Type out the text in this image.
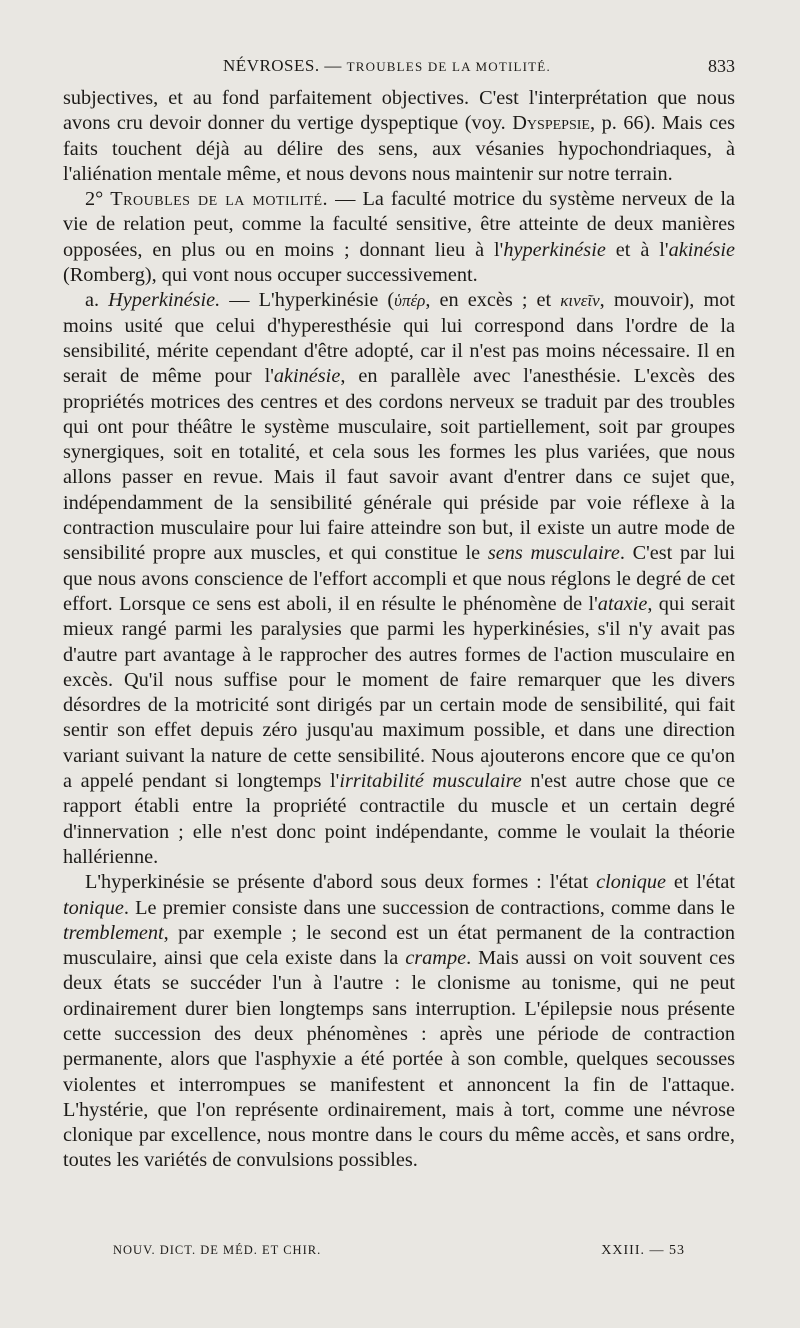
NÉVROSES. — TROUBLES DE LA MOTILITÉ.	833

subjectives, et au fond parfaitement objectives. C'est l'interprétation que nous avons cru devoir donner du vertige dyspeptique (voy. Dyspepsie, p. 66). Mais ces faits touchent déjà au délire des sens, aux vésanies hypochondriaques, à l'aliénation mentale même, et nous devons nous maintenir sur notre terrain.

2° Troubles de la motilité. — La faculté motrice du système nerveux de la vie de relation peut, comme la faculté sensitive, être atteinte de deux manières opposées, en plus ou en moins ; donnant lieu à l'hyperkinésie et à l'akinésie (Romberg), qui vont nous occuper successivement.

a. Hyperkinésie. — L'hyperkinésie (ὑπέρ, en excès ; et κινεῖν, mouvoir), mot moins usité que celui d'hyperesthésie qui lui correspond dans l'ordre de la sensibilité, mérite cependant d'être adopté, car il n'est pas moins nécessaire. Il en serait de même pour l'akinésie, en parallèle avec l'anesthésie. L'excès des propriétés motrices des centres et des cordons nerveux se traduit par des troubles qui ont pour théâtre le système musculaire, soit partiellement, soit par groupes synergiques, soit en totalité, et cela sous les formes les plus variées, que nous allons passer en revue. Mais il faut savoir avant d'entrer dans ce sujet que, indépendamment de la sensibilité générale qui préside par voie réflexe à la contraction musculaire pour lui faire atteindre son but, il existe un autre mode de sensibilité propre aux muscles, et qui constitue le sens musculaire. C'est par lui que nous avons conscience de l'effort accompli et que nous réglons le degré de cet effort. Lorsque ce sens est aboli, il en résulte le phénomène de l'ataxie, qui serait mieux rangé parmi les paralysies que parmi les hyperkinésies, s'il n'y avait pas d'autre part avantage à le rapprocher des autres formes de l'action musculaire en excès. Qu'il nous suffise pour le moment de faire remarquer que les divers désordres de la motricité sont dirigés par un certain mode de sensibilité, qui fait sentir son effet depuis zéro jusqu'au maximum possible, et dans une direction variant suivant la nature de cette sensibilité. Nous ajouterons encore que ce qu'on a appelé pendant si longtemps l'irritabilité musculaire n'est autre chose que ce rapport établi entre la propriété contractile du muscle et un certain degré d'innervation ; elle n'est donc point indépendante, comme le voulait la théorie hallérienne.

L'hyperkinésie se présente d'abord sous deux formes : l'état clonique et l'état tonique. Le premier consiste dans une succession de contractions, comme dans le tremblement, par exemple ; le second est un état permanent de la contraction musculaire, ainsi que cela existe dans la crampe. Mais aussi on voit souvent ces deux états se succéder l'un à l'autre : le clonisme au tonisme, qui ne peut ordinairement durer bien longtemps sans interruption. L'épilepsie nous présente cette succession des deux phénomènes : après une période de contraction permanente, alors que l'asphyxie a été portée à son comble, quelques secousses violentes et interrompues se manifestent et annoncent la fin de l'attaque. L'hystérie, que l'on représente ordinairement, mais à tort, comme une névrose clonique par excellence, nous montre dans le cours du même accès, et sans ordre, toutes les variétés de convulsions possibles.

NOUV. DICT. DE MÉD. ET CHIR.	XXIII. — 53
